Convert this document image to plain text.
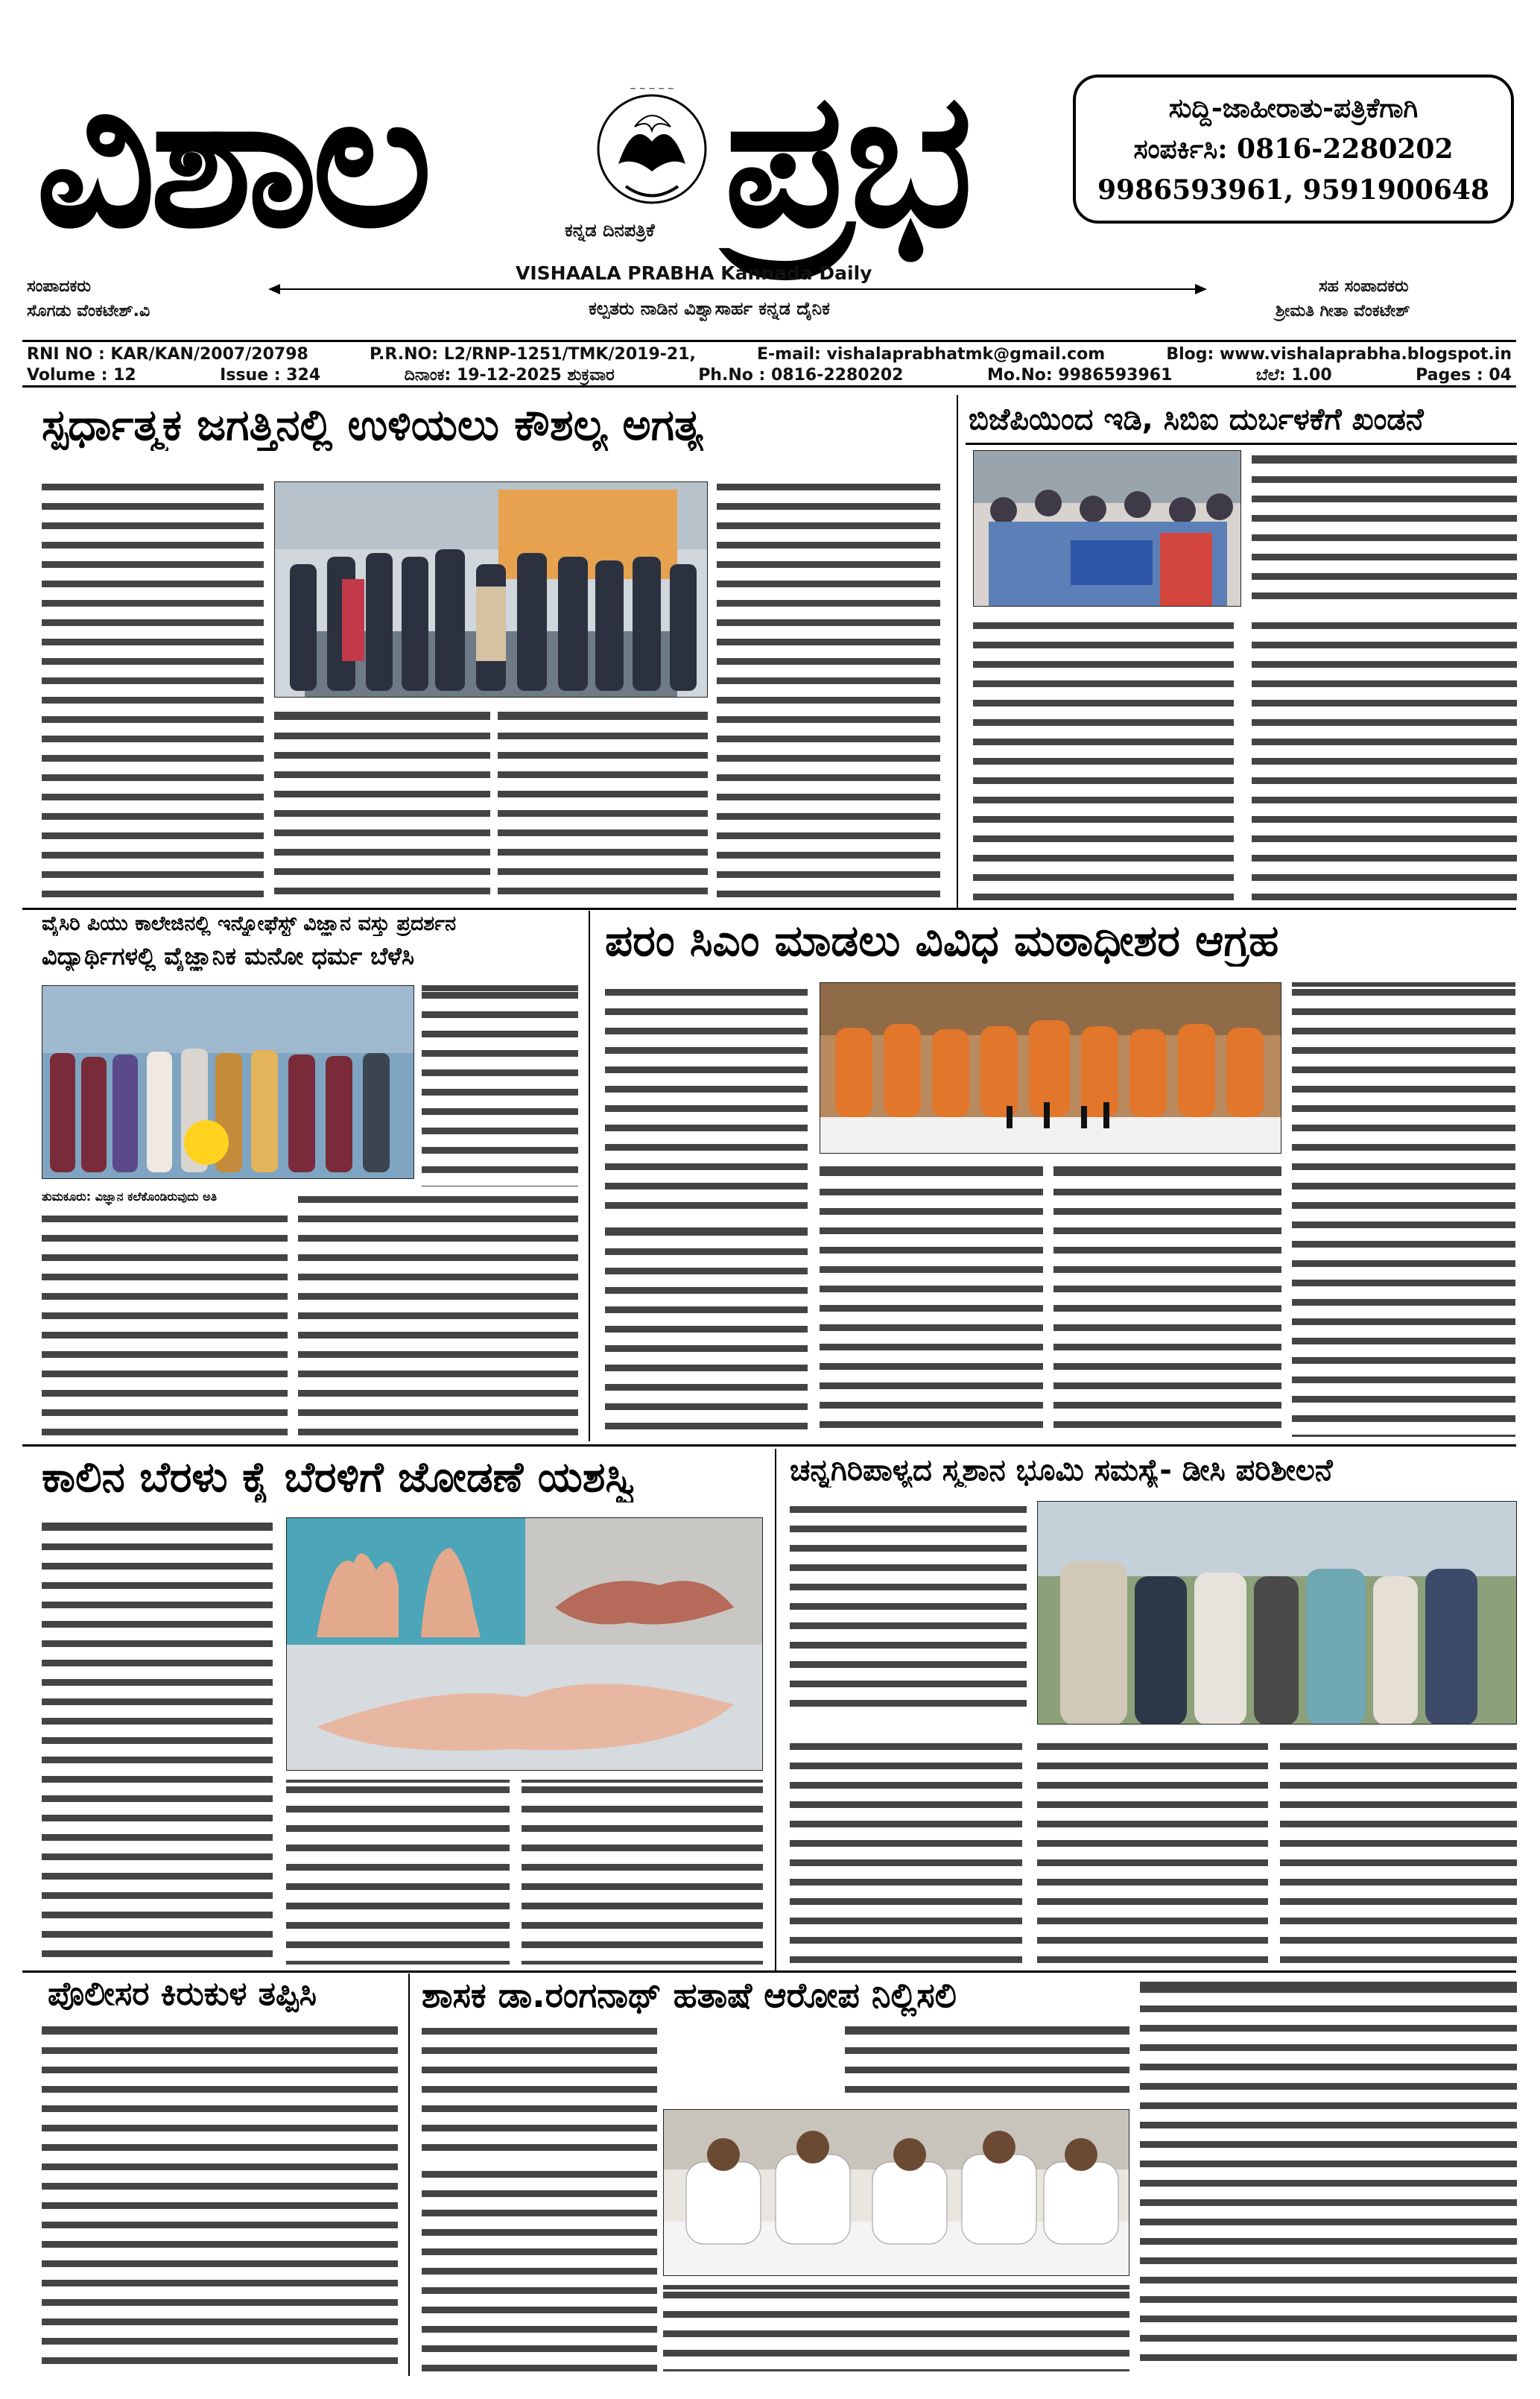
ವಿಶಾಲ	~ ~ ~ ~ ~ ಪ್ರಭ
ಕನ್ನಡ ದಿನಪತ್ರಿಕೆ
VISHAALA PRABHA Kannada Daily
ಸಂಪಾದಕರು
ಸೊಗಡು ವೆಂಕಟೇಶ್.ವಿ
ಸಹ ಸಂಪಾದಕರು
ಶ್ರೀಮತಿ ಗೀತಾ ವೆಂಕಟೇಶ್
ಕಲ್ಪತರು ನಾಡಿನ ವಿಶ್ವಾಸಾರ್ಹ ಕನ್ನಡ ದೈನಿಕ
ಸುದ್ದಿ-ಜಾಹೀರಾತು-ಪತ್ರಿಕೆಗಾಗಿ
ಸಂಪರ್ಕಿಸಿ: 0816-2280202
9986593961, 9591900648
RNI NO : KAR/KAN/2007/20798	P.R.NO: L2/RNP-1251/TMK/2019-21,	E-mail: vishalaprabhatmk@gmail.com	Blog: www.vishalaprabha.blogspot.in
Volume : 12	Issue : 324	ದಿನಾಂಕ: 19-12-2025 ಶುಕ್ರವಾರ	Ph.No : 0816-2280202	Mo.No: 9986593961	ಬೆಲೆ: 1.00	Pages : 04
ಸ್ಪರ್ಧಾತ್ಮಕ ಜಗತ್ತಿನಲ್ಲಿ ಉಳಿಯಲು ಕೌಶಲ್ಯ ಅಗತ್ಯ	ಬಿಜೆಪಿಯಿಂದ ಇಡಿ, ಸಿಬಿಐ ದುರ್ಬಳಕೆಗೆ ಖಂಡನೆ
ವೈಸಿರಿ ಪಿಯು ಕಾಲೇಜಿನಲ್ಲಿ ಇನ್ನೋಫೆಸ್ಟ್ ವಿಜ್ಞಾನ ವಸ್ತು ಪ್ರದರ್ಶನ
ವಿದ್ಯಾರ್ಥಿಗಳಲ್ಲಿ ವೈಜ್ಞಾನಿಕ ಮನೋ ಧರ್ಮ ಬೆಳೆಸಿ
ತುಮಕೂರು: ವಿಜ್ಞಾನ ಕಲೆಕೊಂಡಿರುವುದು ಅತಿ
ಪರಂ ಸಿಎಂ ಮಾಡಲು ವಿವಿಧ ಮಠಾಧೀಶರ ಆಗ್ರಹ
ಕಾಲಿನ ಬೆರಳು ಕೈ ಬೆರಳಿಗೆ ಜೋಡಣೆ ಯಶಸ್ವಿ	ಚನ್ನಗಿರಿಪಾಳ್ಯದ ಸ್ಮಶಾನ ಭೂಮಿ ಸಮಸ್ಯೆ- ಡೀಸಿ ಪರಿಶೀಲನೆ
ಪೊಲೀಸರ ಕಿರುಕುಳ ತಪ್ಪಿಸಿ	ಶಾಸಕ ಡಾ.ರಂಗನಾಥ್ ಹತಾಷೆ ಆರೋಪ ನಿಲ್ಲಿಸಲಿ
